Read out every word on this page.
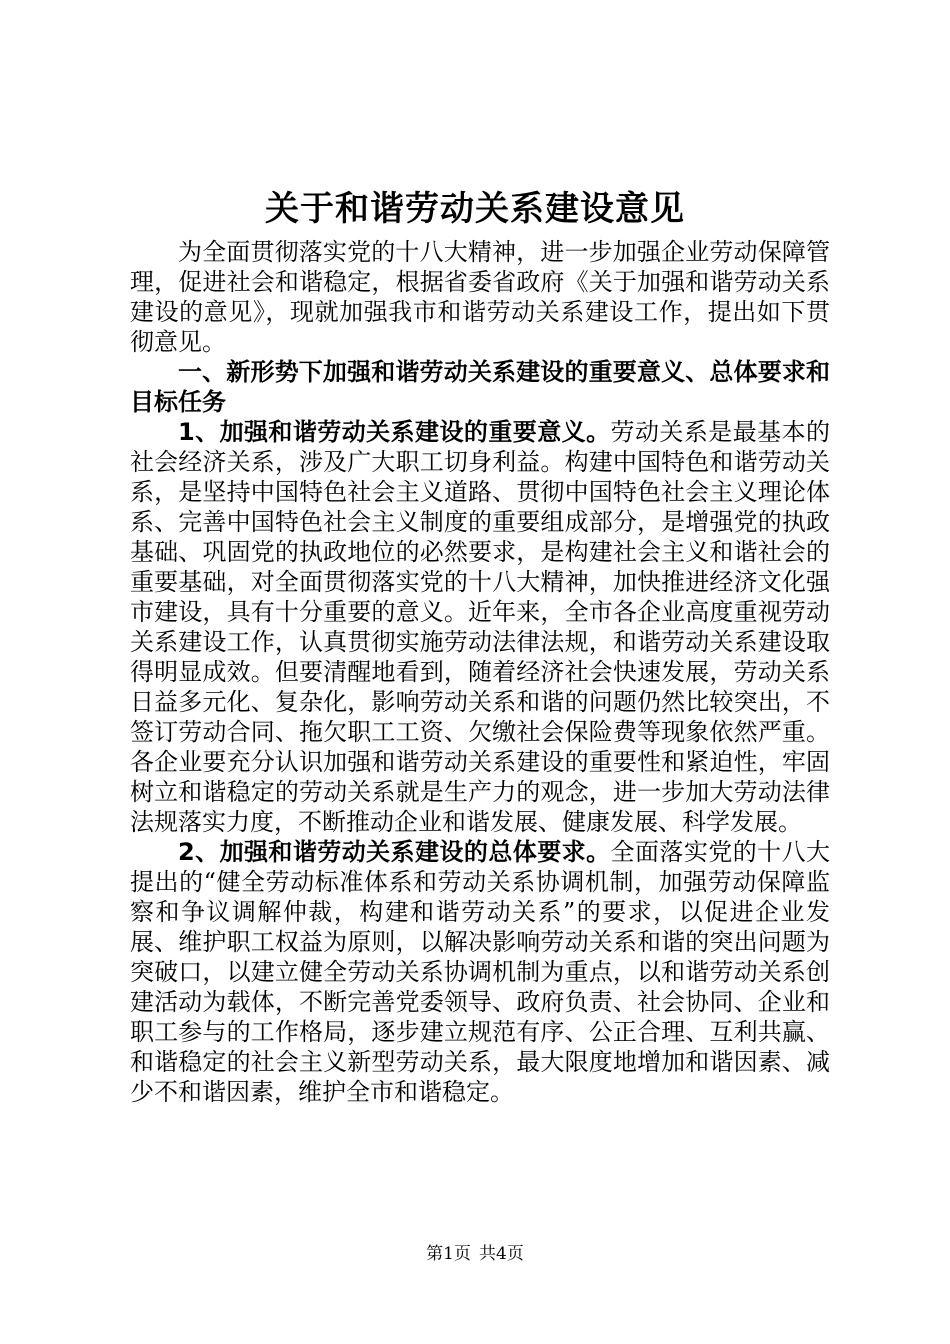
关于和谐劳动关系建设意见

为全面贯彻落实党的十八大精神，进一步加强企业劳动保障管理，促进社会和谐稳定，根据省委省政府《关于加强和谐劳动关系建设的意见》，现就加强我市和谐劳动关系建设工作，提出如下贯彻意见。

一、新形势下加强和谐劳动关系建设的重要意义、总体要求和目标任务

1、加强和谐劳动关系建设的重要意义。劳动关系是最基本的社会经济关系，涉及广大职工切身利益。构建中国特色和谐劳动关系，是坚持中国特色社会主义道路、贯彻中国特色社会主义理论体系、完善中国特色社会主义制度的重要组成部分，是增强党的执政基础、巩固党的执政地位的必然要求，是构建社会主义和谐社会的重要基础，对全面贯彻落实党的十八大精神，加快推进经济文化强市建设，具有十分重要的意义。近年来，全市各企业高度重视劳动关系建设工作，认真贯彻实施劳动法律法规，和谐劳动关系建设取得明显成效。但要清醒地看到，随着经济社会快速发展，劳动关系日益多元化、复杂化，影响劳动关系和谐的问题仍然比较突出，不签订劳动合同、拖欠职工工资、欠缴社会保险费等现象依然严重。各企业要充分认识加强和谐劳动关系建设的重要性和紧迫性，牢固树立和谐稳定的劳动关系就是生产力的观念，进一步加大劳动法律法规落实力度，不断推动企业和谐发展、健康发展、科学发展。

2、加强和谐劳动关系建设的总体要求。全面落实党的十八大提出的“健全劳动标准体系和劳动关系协调机制，加强劳动保障监察和争议调解仲裁，构建和谐劳动关系”的要求，以促进企业发展、维护职工权益为原则，以解决影响劳动关系和谐的突出问题为突破口，以建立健全劳动关系协调机制为重点，以和谐劳动关系创建活动为载体，不断完善党委领导、政府负责、社会协同、企业和职工参与的工作格局，逐步建立规范有序、公正合理、互利共赢、和谐稳定的社会主义新型劳动关系，最大限度地增加和谐因素、减少不和谐因素，维护全市和谐稳定。

第1页 共4页
